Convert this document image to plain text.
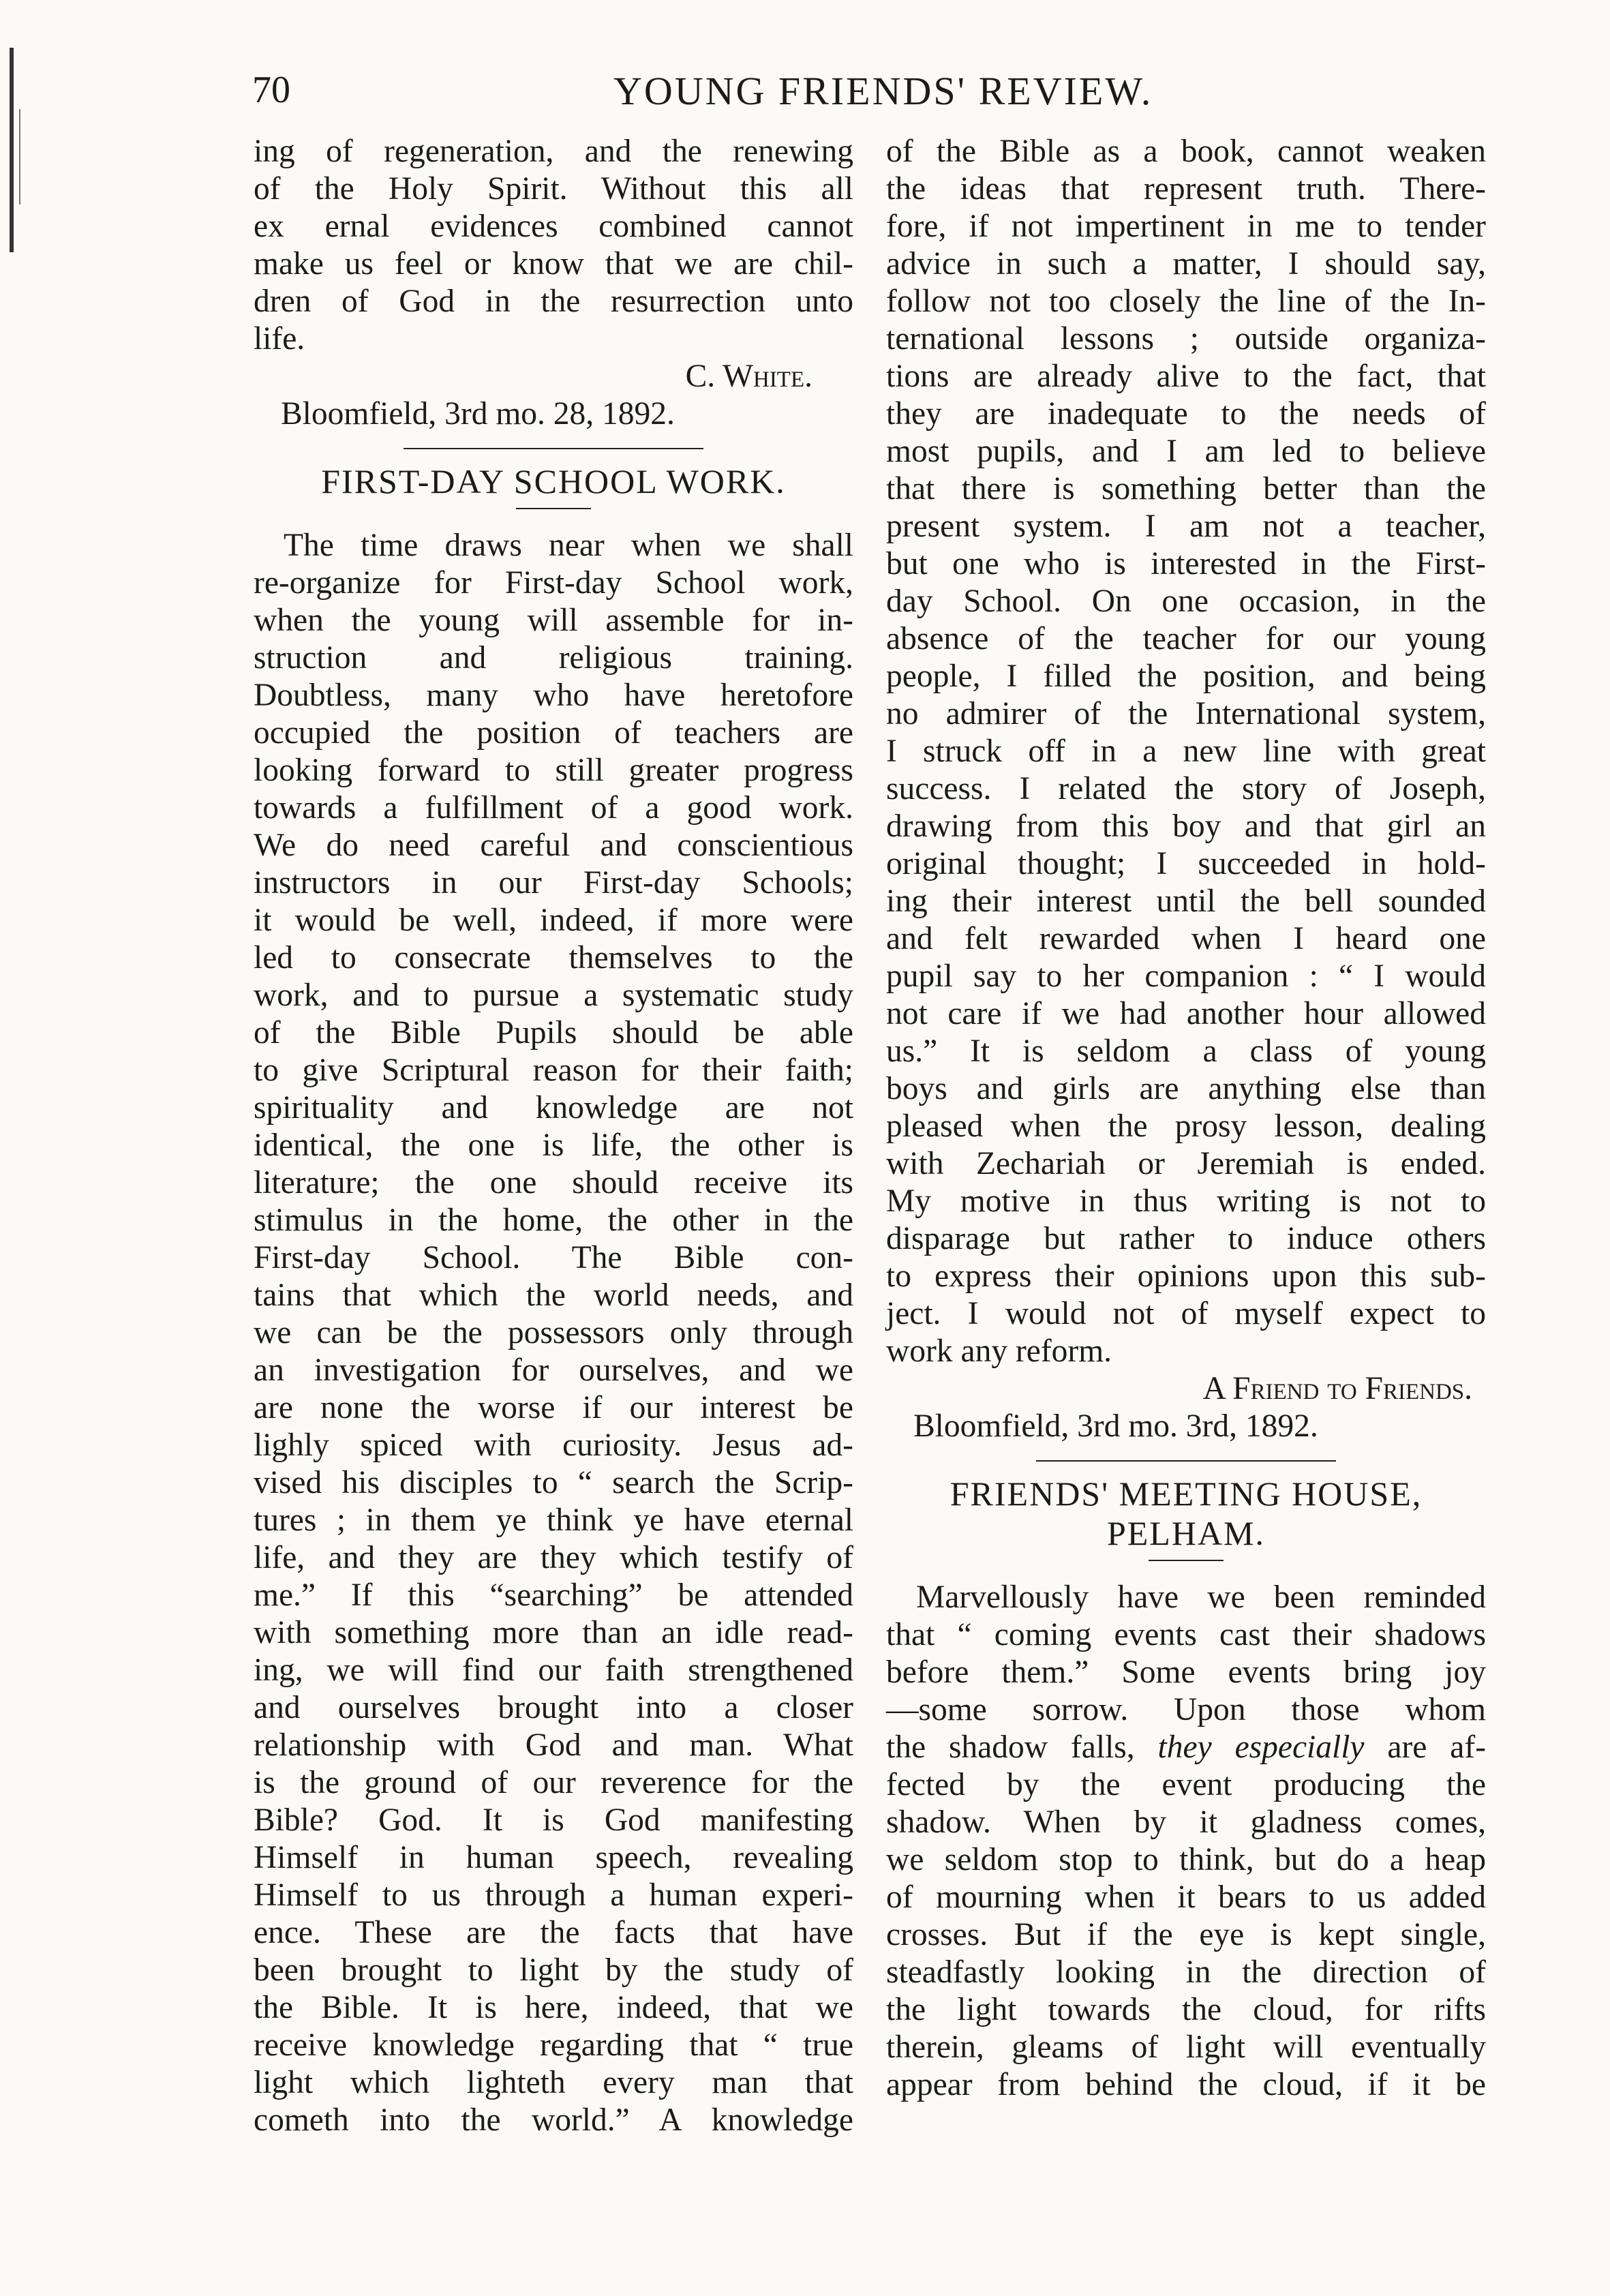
70	YOUNG FRIENDS' REVIEW.
ing of regeneration, and the renewing
of the Holy Spirit. Without this all
ex ernal evidences combined cannot
make us feel or know that we are chil-
dren of God in the resurrection unto
life.
C. White.
Bloomfield, 3rd mo. 28, 1892.
FIRST-DAY SCHOOL WORK.
The time draws near when we shall
re-organize for First-day School work,
when the young will assemble for in-
struction and religious training.
Doubtless, many who have heretofore
occupied the position of teachers are
looking forward to still greater progress
towards a fulfillment of a good work.
We do need careful and conscientious
instructors in our First-day Schools;
it would be well, indeed, if more were
led to consecrate themselves to the
work, and to pursue a systematic study
of the Bible Pupils should be able
to give Scriptural reason for their faith;
spirituality and knowledge are not
identical, the one is life, the other is
literature; the one should receive its
stimulus in the home, the other in the
First-day School. The Bible con-
tains that which the world needs, and
we can be the possessors only through
an investigation for ourselves, and we
are none the worse if our interest be
lighly spiced with curiosity. Jesus ad-
vised his disciples to “ search the Scrip-
tures ; in them ye think ye have eternal
life, and they are they which testify of
me.” If this “searching” be attended
with something more than an idle read-
ing, we will find our faith strengthened
and ourselves brought into a closer
relationship with God and man. What
is the ground of our reverence for the
Bible? God. It is God manifesting
Himself in human speech, revealing
Himself to us through a human experi-
ence. These are the facts that have
been brought to light by the study of
the Bible. It is here, indeed, that we
receive knowledge regarding that “ true
light which lighteth every man that
cometh into the world.” A knowledge
of the Bible as a book, cannot weaken
the ideas that represent truth. There-
fore, if not impertinent in me to tender
advice in such a matter, I should say,
follow not too closely the line of the In-
ternational lessons ; outside organiza-
tions are already alive to the fact, that
they are inadequate to the needs of
most pupils, and I am led to believe
that there is something better than the
present system. I am not a teacher,
but one who is interested in the First-
day School. On one occasion, in the
absence of the teacher for our young
people, I filled the position, and being
no admirer of the International system,
I struck off in a new line with great
success. I related the story of Joseph,
drawing from this boy and that girl an
original thought; I succeeded in hold-
ing their interest until the bell sounded
and felt rewarded when I heard one
pupil say to her companion : “ I would
not care if we had another hour allowed
us.” It is seldom a class of young
boys and girls are anything else than
pleased when the prosy lesson, dealing
with Zechariah or Jeremiah is ended.
My motive in thus writing is not to
disparage but rather to induce others
to express their opinions upon this sub-
ject. I would not of myself expect to
work any reform.
A Friend to Friends.
Bloomfield, 3rd mo. 3rd, 1892.
FRIENDS' MEETING HOUSE,
PELHAM.
Marvellously have we been reminded
that “ coming events cast their shadows
before them.” Some events bring joy
—some sorrow. Upon those whom
the shadow falls, they especially are af-
fected by the event producing the
shadow. When by it gladness comes,
we seldom stop to think, but do a heap
of mourning when it bears to us added
crosses. But if the eye is kept single,
steadfastly looking in the direction of
the light towards the cloud, for rifts
therein, gleams of light will eventually
appear from behind the cloud, if it be
